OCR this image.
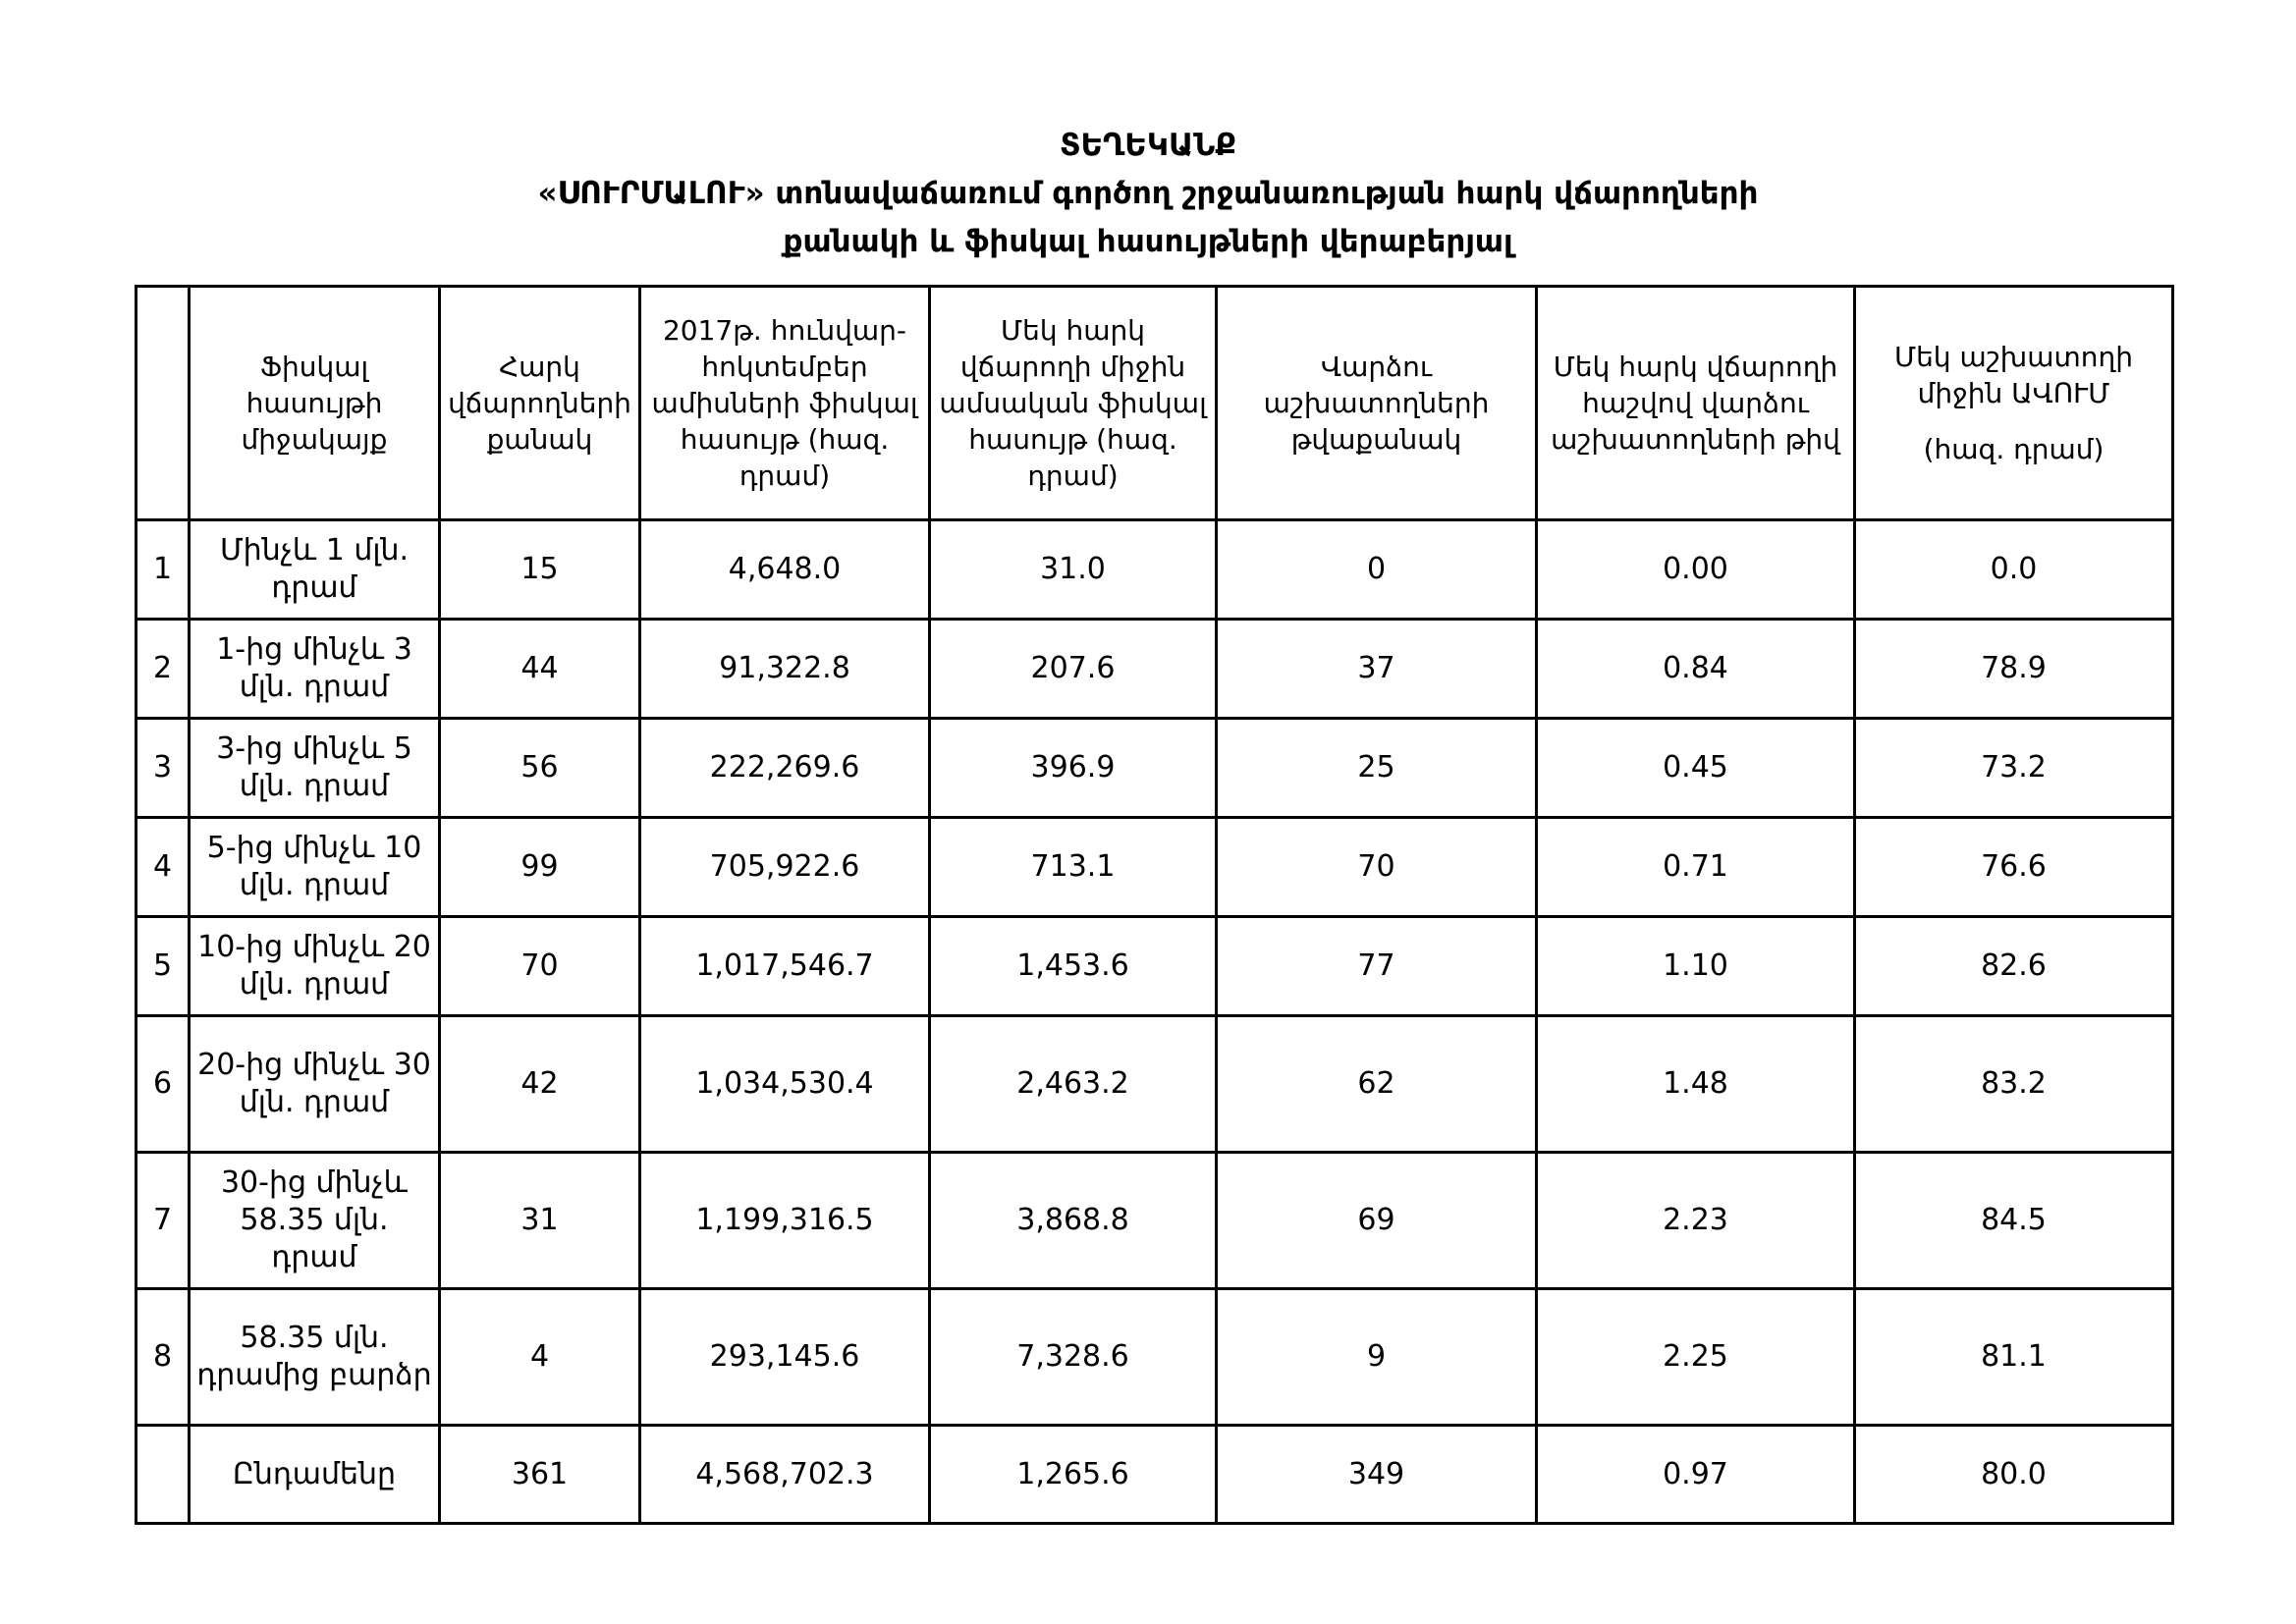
ՏԵՂԵԿԱՆՔ
«ՍՈՒՐՄԱԼՈՒ» տոնավաճառում գործող շրջանառության հարկ վճարողների
քանակի և ֆիսկալ հասույթների վերաբերյալ
	Ֆիսկալ հասույթի միջակայք	Հարկ վճարողների քանակ	2017թ. հունվար-հոկտեմբեր ամիսների ֆիսկալ հասույթ (հազ. դրամ)	Մեկ հարկ վճարողի միջին ամսական ֆիսկալ հասույթ (հազ. դրամ)	Վարձու աշխատողների թվաքանակ	Մեկ հարկ վճարողի հաշվով վարձու աշխատողների թիվ	Մեկ աշխատողի միջին ԱՎՈՒՄ
(հազ. դրամ)
1	Մինչև 1 մլն. դրամ	15	4,648.0	31.0	0	0.00	0.0
2	1-ից մինչև 3 մլն. դրամ	44	91,322.8	207.6	37	0.84	78.9
3	3-ից մինչև 5 մլն. դրամ	56	222,269.6	396.9	25	0.45	73.2
4	5-ից մինչև 10 մլն. դրամ	99	705,922.6	713.1	70	0.71	76.6
5	10-ից մինչև 20 մլն. դրամ	70	1,017,546.7	1,453.6	77	1.10	82.6
6	20-ից մինչև 30 մլն. դրամ	42	1,034,530.4	2,463.2	62	1.48	83.2
7	30-ից մինչև 58.35 մլն. դրամ	31	1,199,316.5	3,868.8	69	2.23	84.5
8	58.35 մլն. դրամից բարձր	4	293,145.6	7,328.6	9	2.25	81.1
	Ընդամենը	361	4,568,702.3	1,265.6	349	0.97	80.0
